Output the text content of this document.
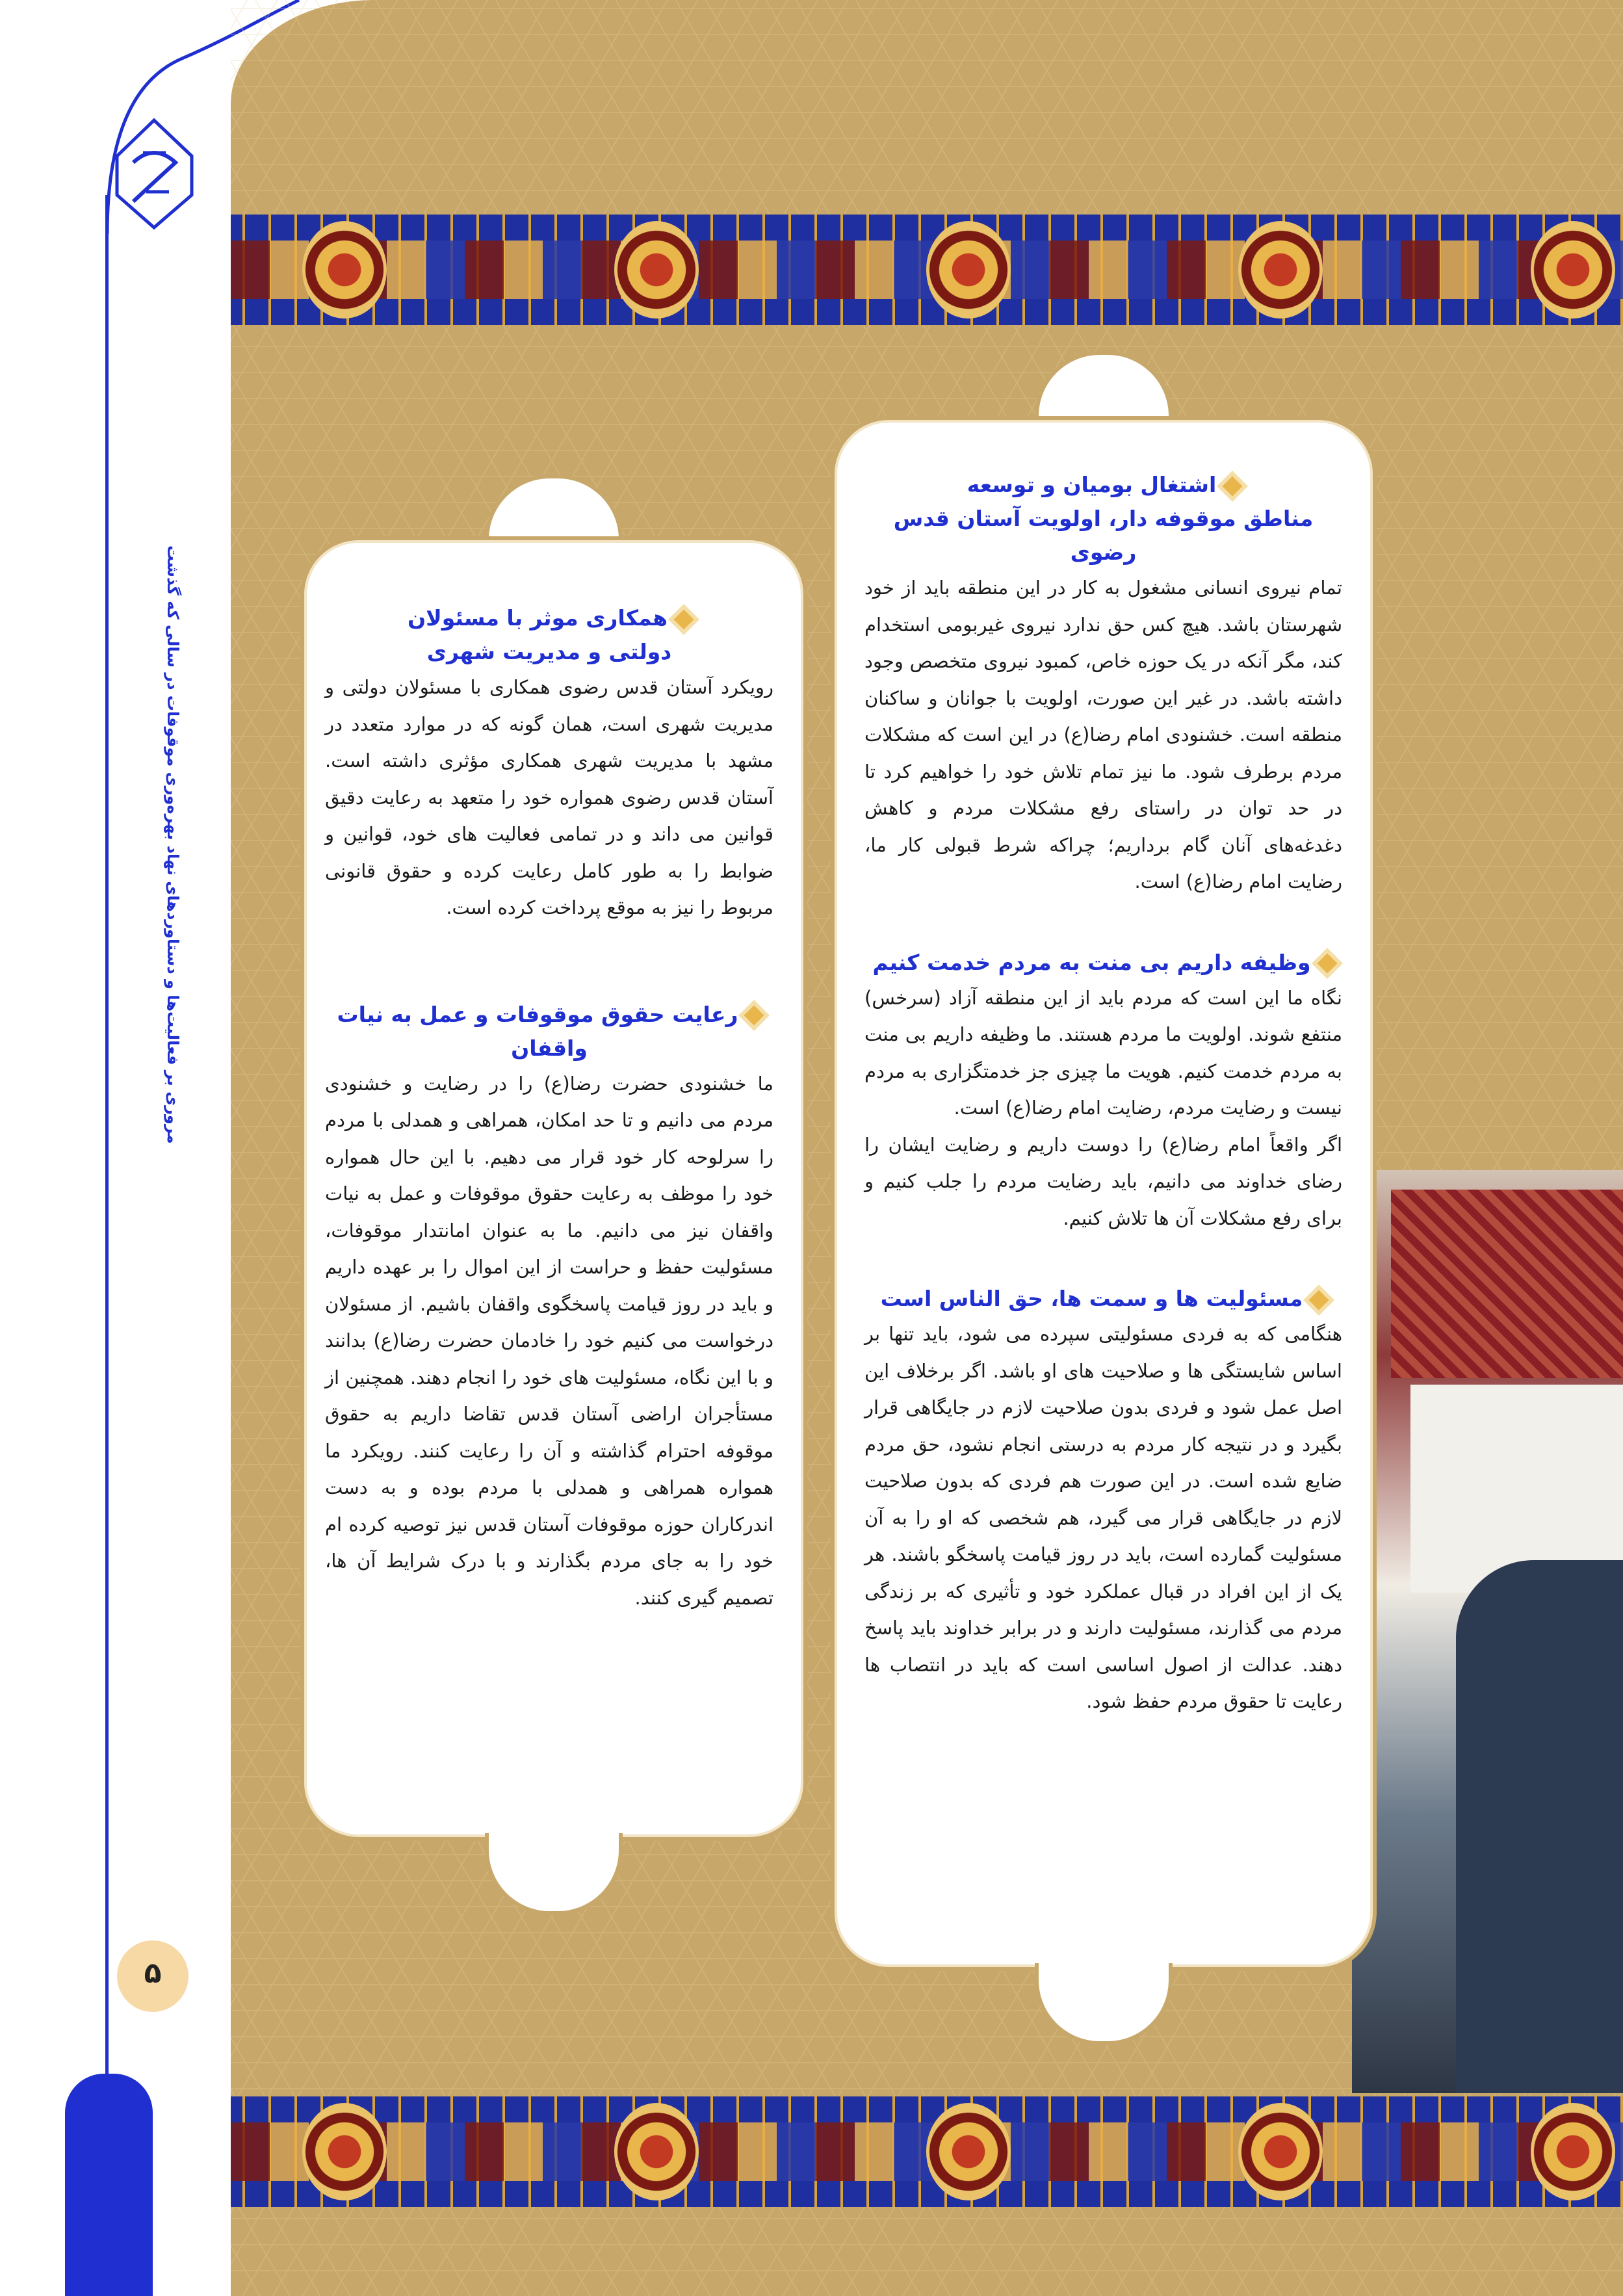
مروری بر فعالیت‌ها و دستاوردهای نهاد بهره‌وری موقوفات در سالی که گذشت
۵

اشتغال بومیان و توسعه

مناطق موقوفه دار، اولویت آستان قدس رضوی

تمام نیروی انسانی مشغول به کار در این منطقه باید از خود شهرستان باشد. هیچ کس حق ندارد نیروی غیربومی استخدام کند، مگر آنکه در یک حوزه خاص، کمبود نیروی متخصص وجود داشته باشد. در غیر این صورت، اولویت با جوانان و ساکنان منطقه است. خشنودی امام رضا(ع) در این است که مشکلات مردم برطرف شود. ما نیز تمام تلاش خود را خواهیم کرد تا در حد توان در راستای رفع مشکلات مردم و کاهش دغدغه‌های آنان گام برداریم؛ چراکه شرط قبولی کار ما، رضایت امام رضا(ع) است.

وظیفه داریم بی منت به مردم خدمت کنیم

نگاه ما این است که مردم باید از این منطقه آزاد (سرخس) منتفع شوند. اولویت ما مردم هستند. ما وظیفه داریم بی منت به مردم خدمت کنیم. هویت ما چیزی جز خدمتگزاری به مردم نیست و رضایت مردم، رضایت امام رضا(ع) است.

اگر واقعاً امام رضا(ع) را دوست داریم و رضایت ایشان را رضای خداوند می دانیم، باید رضایت مردم را جلب کنیم و برای رفع مشکلات آن ها تلاش کنیم.

مسئولیت ها و سمت ها، حق الناس است

هنگامی که به فردی مسئولیتی سپرده می شود، باید تنها بر اساس شایستگی ها و صلاحیت های او باشد. اگر برخلاف این اصل عمل شود و فردی بدون صلاحیت لازم در جایگاهی قرار بگیرد و در نتیجه کار مردم به درستی انجام نشود، حق مردم ضایع شده است. در این صورت هم فردی که بدون صلاحیت لازم در جایگاهی قرار می گیرد، هم شخصی که او را به آن مسئولیت گمارده است، باید در روز قیامت پاسخگو باشند. هر یک از این افراد در قبال عملکرد خود و تأثیری که بر زندگی مردم می گذارند، مسئولیت دارند و در برابر خداوند باید پاسخ دهند. عدالت از اصول اساسی است که باید در انتصاب ها رعایت تا حقوق مردم حفظ شود.

همکاری موثر با مسئولان

دولتی و مدیریت شهری

رویکرد آستان قدس رضوی همکاری با مسئولان دولتی و مدیریت شهری است، همان گونه که در موارد متعدد در مشهد با مدیریت شهری همکاری مؤثری داشته است. آستان قدس رضوی همواره خود را متعهد به رعایت دقیق قوانین می داند و در تمامی فعالیت های خود، قوانین و ضوابط را به طور کامل رعایت کرده و حقوق قانونی مربوط را نیز به موقع پرداخت کرده است.

رعایت حقوق موقوفات و عمل به نیات

واقفان

ما خشنودی حضرت رضا(ع) را در رضایت و خشنودی مردم می دانیم و تا حد امکان، همراهی و همدلی با مردم را سرلوحه کار خود قرار می دهیم. با این حال همواره خود را موظف به رعایت حقوق موقوفات و عمل به نیات واقفان نیز می دانیم. ما به عنوان امانتدار موقوفات، مسئولیت حفظ و حراست از این اموال را بر عهده داریم و باید در روز قیامت پاسخگوی واقفان باشیم. از مسئولان درخواست می کنیم خود را خادمان حضرت رضا(ع) بدانند و با این نگاه، مسئولیت های خود را انجام دهند. همچنین از مستأجران اراضی آستان قدس تقاضا داریم به حقوق موقوفه احترام گذاشته و آن را رعایت کنند. رویکرد ما همواره همراهی و همدلی با مردم بوده و به دست اندرکاران حوزه موقوفات آستان قدس نیز توصیه کرده ام خود را به جای مردم بگذارند و با درک شرایط آن ها، تصمیم گیری کنند.
